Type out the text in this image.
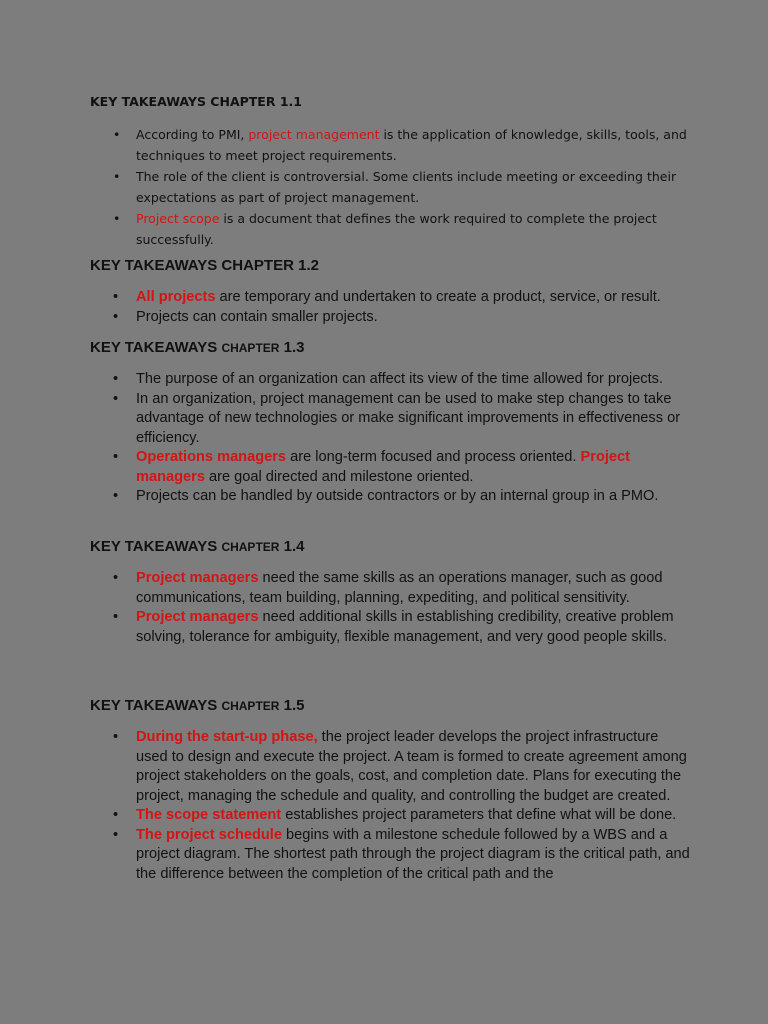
KEY TAKEAWAYS CHAPTER 1.1
• According to PMI, project management is the application of knowledge, skills, tools, and techniques to meet project requirements.
• The role of the client is controversial. Some clients include meeting or exceeding their expectations as part of project management.
• Project scope is a document that defines the work required to complete the project successfully.
KEY TAKEAWAYS CHAPTER 1.2
• All projects are temporary and undertaken to create a product, service, or result.
• Projects can contain smaller projects.
KEY TAKEAWAYS CHAPTER 1.3
• The purpose of an organization can affect its view of the time allowed for projects.
• In an organization, project management can be used to make step changes to take advantage of new technologies or make significant improvements in effectiveness or efficiency.
• Operations managers are long-term focused and process oriented. Project managers are goal directed and milestone oriented.
• Projects can be handled by outside contractors or by an internal group in a PMO.
KEY TAKEAWAYS CHAPTER 1.4
• Project managers need the same skills as an operations manager, such as good communications, team building, planning, expediting, and political sensitivity.
• Project managers need additional skills in establishing credibility, creative problem solving, tolerance for ambiguity, flexible management, and very good people skills.
KEY TAKEAWAYS CHAPTER 1.5
• During the start-up phase, the project leader develops the project infrastructure used to design and execute the project. A team is formed to create agreement among project stakeholders on the goals, cost, and completion date. Plans for executing the project, managing the schedule and quality, and controlling the budget are created.
• The scope statement establishes project parameters that define what will be done.
• The project schedule begins with a milestone schedule followed by a WBS and a project diagram. The shortest path through the project diagram is the critical path, and the difference between the completion of the critical path and the
